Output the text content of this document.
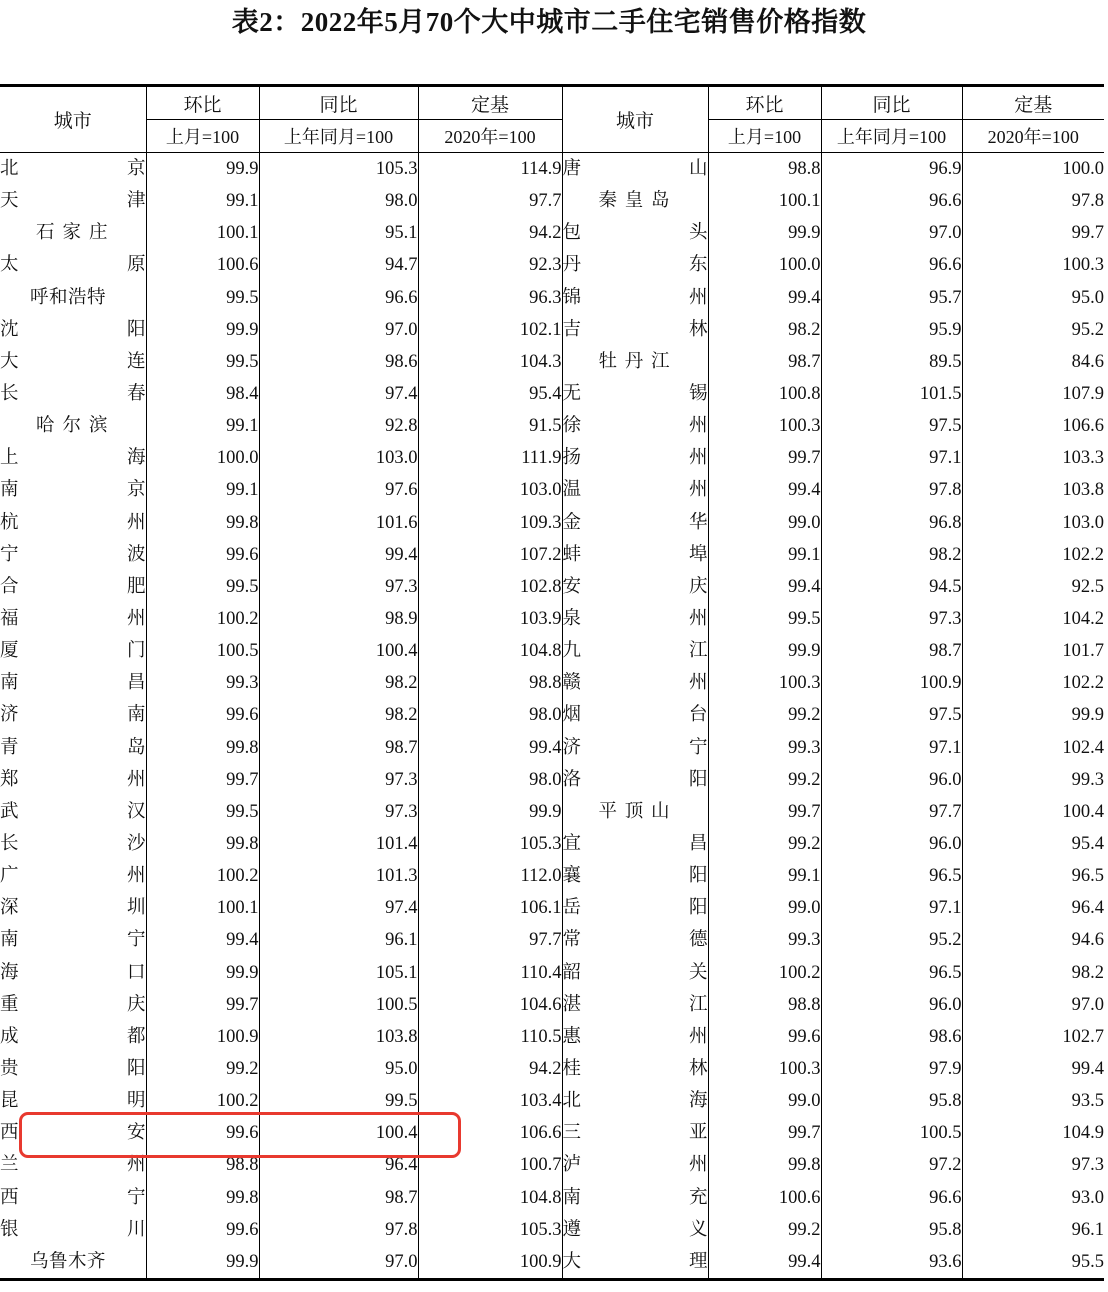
表2：2022年5月70个大中城市二手住宅销售价格指数
城市	环比	同比	定基	城市	环比	同比	定基
	上月=100	上年同月=100	2020年=100		上月=100	上年同月=100	2020年=100
北京	99.9	105.3	114.9	唐山	98.8	96.9	100.0
天津	99.1	98.0	97.7	秦皇岛	100.1	96.6	97.8
石家庄	100.1	95.1	94.2	包头	99.9	97.0	99.7
太原	100.6	94.7	92.3	丹东	100.0	96.6	100.3
呼和浩特	99.5	96.6	96.3	锦州	99.4	95.7	95.0
沈阳	99.9	97.0	102.1	吉林	98.2	95.9	95.2
大连	99.5	98.6	104.3	牡丹江	98.7	89.5	84.6
长春	98.4	97.4	95.4	无锡	100.8	101.5	107.9
哈尔滨	99.1	92.8	91.5	徐州	100.3	97.5	106.6
上海	100.0	103.0	111.9	扬州	99.7	97.1	103.3
南京	99.1	97.6	103.0	温州	99.4	97.8	103.8
杭州	99.8	101.6	109.3	金华	99.0	96.8	103.0
宁波	99.6	99.4	107.2	蚌埠	99.1	98.2	102.2
合肥	99.5	97.3	102.8	安庆	99.4	94.5	92.5
福州	100.2	98.9	103.9	泉州	99.5	97.3	104.2
厦门	100.5	100.4	104.8	九江	99.9	98.7	101.7
南昌	99.3	98.2	98.8	赣州	100.3	100.9	102.2
济南	99.6	98.2	98.0	烟台	99.2	97.5	99.9
青岛	99.8	98.7	99.4	济宁	99.3	97.1	102.4
郑州	99.7	97.3	98.0	洛阳	99.2	96.0	99.3
武汉	99.5	97.3	99.9	平顶山	99.7	97.7	100.4
长沙	99.8	101.4	105.3	宜昌	99.2	96.0	95.4
广州	100.2	101.3	112.0	襄阳	99.1	96.5	96.5
深圳	100.1	97.4	106.1	岳阳	99.0	97.1	96.4
南宁	99.4	96.1	97.7	常德	99.3	95.2	94.6
海口	99.9	105.1	110.4	韶关	100.2	96.5	98.2
重庆	99.7	100.5	104.6	湛江	98.8	96.0	97.0
成都	100.9	103.8	110.5	惠州	99.6	98.6	102.7
贵阳	99.2	95.0	94.2	桂林	100.3	97.9	99.4
昆明	100.2	99.5	103.4	北海	99.0	95.8	93.5
西安	99.6	100.4	106.6	三亚	99.7	100.5	104.9
兰州	98.8	96.4	100.7	泸州	99.8	97.2	97.3
西宁	99.8	98.7	104.8	南充	100.6	96.6	93.0
银川	99.6	97.8	105.3	遵义	99.2	95.8	96.1
乌鲁木齐	99.9	97.0	100.9	大理	99.4	93.6	95.5
